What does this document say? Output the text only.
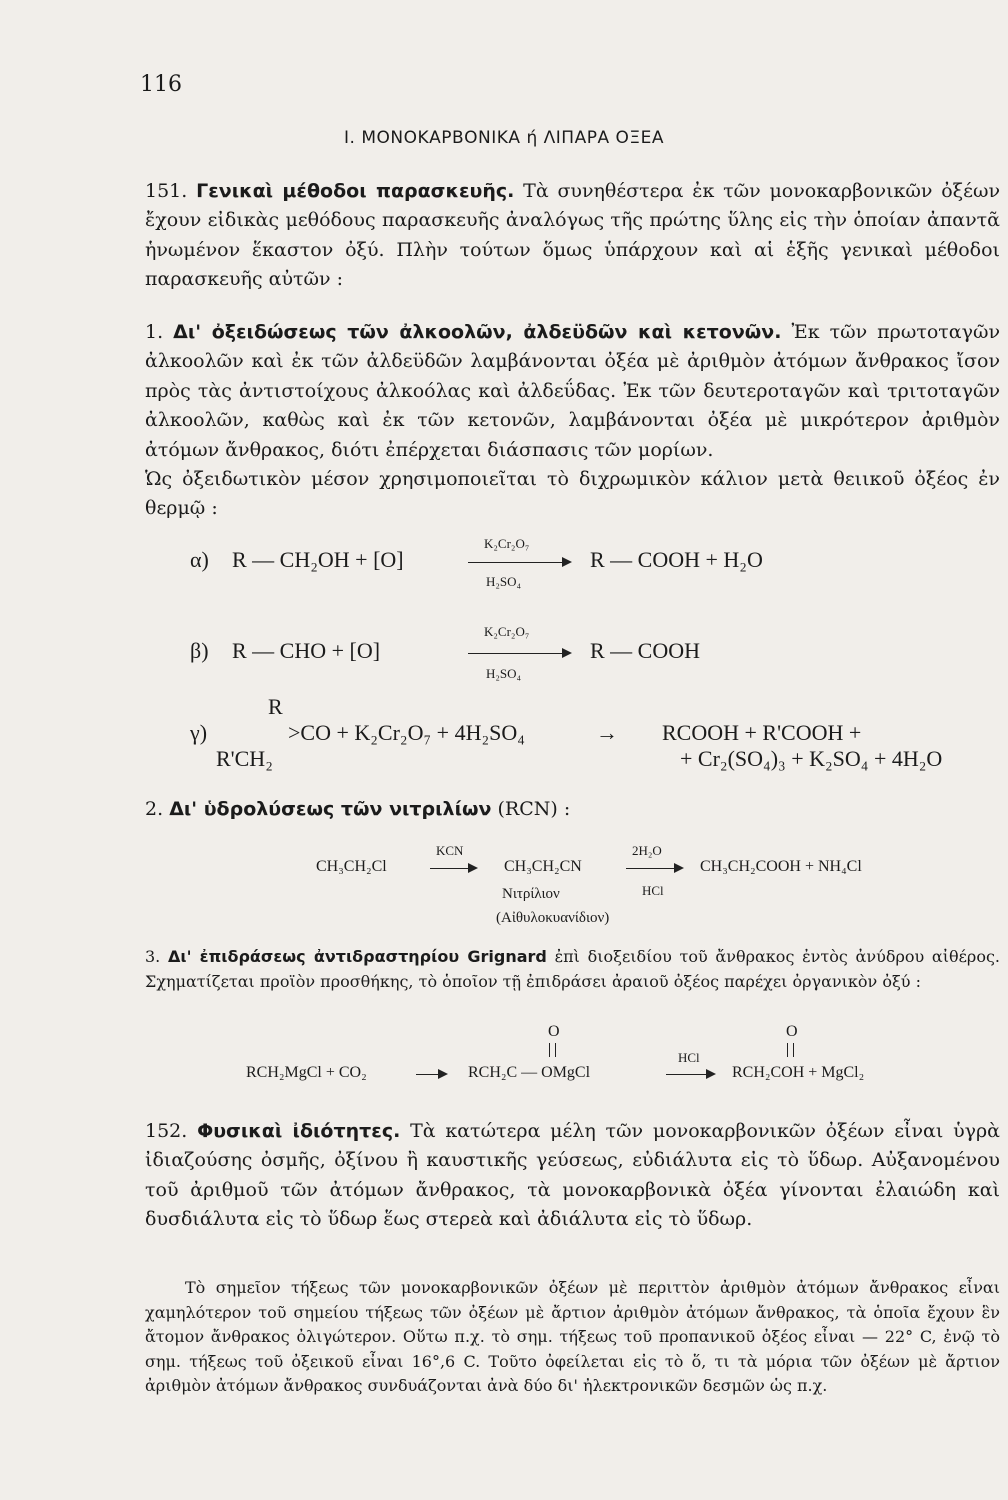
116
I. ΜΟΝΟΚΑΡΒΟΝΙΚΑ ή ΛΙΠΑΡΑ ΟΞΕΑ
151. Γενικαὶ μέθοδοι παρασκευῆς. Τὰ συνηθέστερα ἐκ τῶν μονοκαρβονικῶν ὀξέων ἔχουν εἰδικὰς μεθόδους παρασκευῆς ἀναλόγως τῆς πρώτης ὕλης εἰς τὴν ὁποίαν ἀπαντᾶ ἡνωμένον ἕκαστον ὀξύ. Πλὴν τούτων ὅμως ὑπάρχουν καὶ αἱ ἑξῆς γενικαὶ μέθοδοι παρασκευῆς αὐτῶν :
1. Δι' ὀξειδώσεως τῶν ἀλκοολῶν, ἀλδεϋδῶν καὶ κετονῶν. Ἐκ τῶν πρωτοταγῶν ἀλκοολῶν καὶ ἐκ τῶν ἀλδεϋδῶν λαμβάνονται ὀξέα μὲ ἀριθμὸν ἀτόμων ἄνθρακος ἴσον πρὸς τὰς ἀντιστοίχους ἀλκοόλας καὶ ἀλδεΰδας. Ἐκ τῶν δευτεροταγῶν καὶ τριτοταγῶν ἀλκοολῶν, καθὼς καὶ ἐκ τῶν κετονῶν, λαμβάνονται ὀξέα μὲ μικρότερον ἀριθμὸν ἀτόμων ἄνθρακος, διότι ἐπέρχεται διάσπασις τῶν μορίων.
Ὡς ὀξειδωτικὸν μέσον χρησιμοποιεῖται τὸ διχρωμικὸν κάλιον μετὰ θειικοῦ ὀξέος ἐν θερμῷ :
α) R — CH₂OH + [O]
K₂Cr₂O₇
H₂SO₄
R — COOH + H₂O
β) R — CHO + [O]
K₂Cr₂O₇
H₂SO₄
R — COOH
R
γ)	>CO + K₂Cr₂O₇ + 4H₂SO₄	→ RCOOH + R'COOH +
R'CH₂	+ Cr₂(SO₄)₃ + K₂SO₄ + 4H₂O
2. Δι' ὑδρολύσεως τῶν νιτριλίων (RCN) :
CH₃CH₂Cl
KCN
CH₃CH₂CN
2H₂O
HCl
CH₃CH₂COOH + NH₄Cl
Νιτρίλιον
(Αἰθυλοκυανίδιον)
3. Δι' ἐπιδράσεως ἀντιδραστηρίου Grignard ἐπὶ διοξειδίου τοῦ ἄνθρακος ἐντὸς ἀνύδρου αἰθέρος. Σχηματίζεται προϊὸν προσθήκης, τὸ ὁποῖον τῇ ἐπιδράσει ἀραιοῦ ὀξέος παρέχει ὀργανικὸν ὀξύ :
O	O
RCH₂MgCl + CO₂	RCH₂C — OMgCl
HCl
RCH₂COH + MgCl₂
152. Φυσικαὶ ἰδιότητες. Τὰ κατώτερα μέλη τῶν μονοκαρβονικῶν ὀξέων εἶναι ὑγρὰ ἰδιαζούσης ὀσμῆς, ὀξίνου ἢ καυστικῆς γεύσεως, εὐδιάλυτα εἰς τὸ ὕδωρ. Αὐξανομένου τοῦ ἀριθμοῦ τῶν ἀτόμων ἄνθρακος, τὰ μονοκαρβονικὰ ὀξέα γίνονται ἐλαιώδη καὶ δυσδιάλυτα εἰς τὸ ὕδωρ ἕως στερεὰ καὶ ἀδιάλυτα εἰς τὸ ὕδωρ.
Τὸ σημεῖον τήξεως τῶν μονοκαρβονικῶν ὀξέων μὲ περιττὸν ἀριθμὸν ἀτόμων ἄνθρακος εἶναι χαμηλότερον τοῦ σημείου τήξεως τῶν ὀξέων μὲ ἄρτιον ἀριθμὸν ἀτόμων ἄνθρακος, τὰ ὁποῖα ἔχουν ἓν ἄτομον ἄνθρακος ὀλιγώτερον. Οὕτω π.χ. τὸ σημ. τήξεως τοῦ προπανικοῦ ὀξέος εἶναι — 22° C, ἐνῷ τὸ σημ. τήξεως τοῦ ὀξεικοῦ εἶναι 16°,6 C. Τοῦτο ὀφείλεται εἰς τὸ ὅ, τι τὰ μόρια τῶν ὀξέων μὲ ἄρτιον ἀριθμὸν ἀτόμων ἄνθρακος συνδυάζονται ἀνὰ δύο δι' ἠλεκτρονικῶν δεσμῶν ὡς π.χ.
